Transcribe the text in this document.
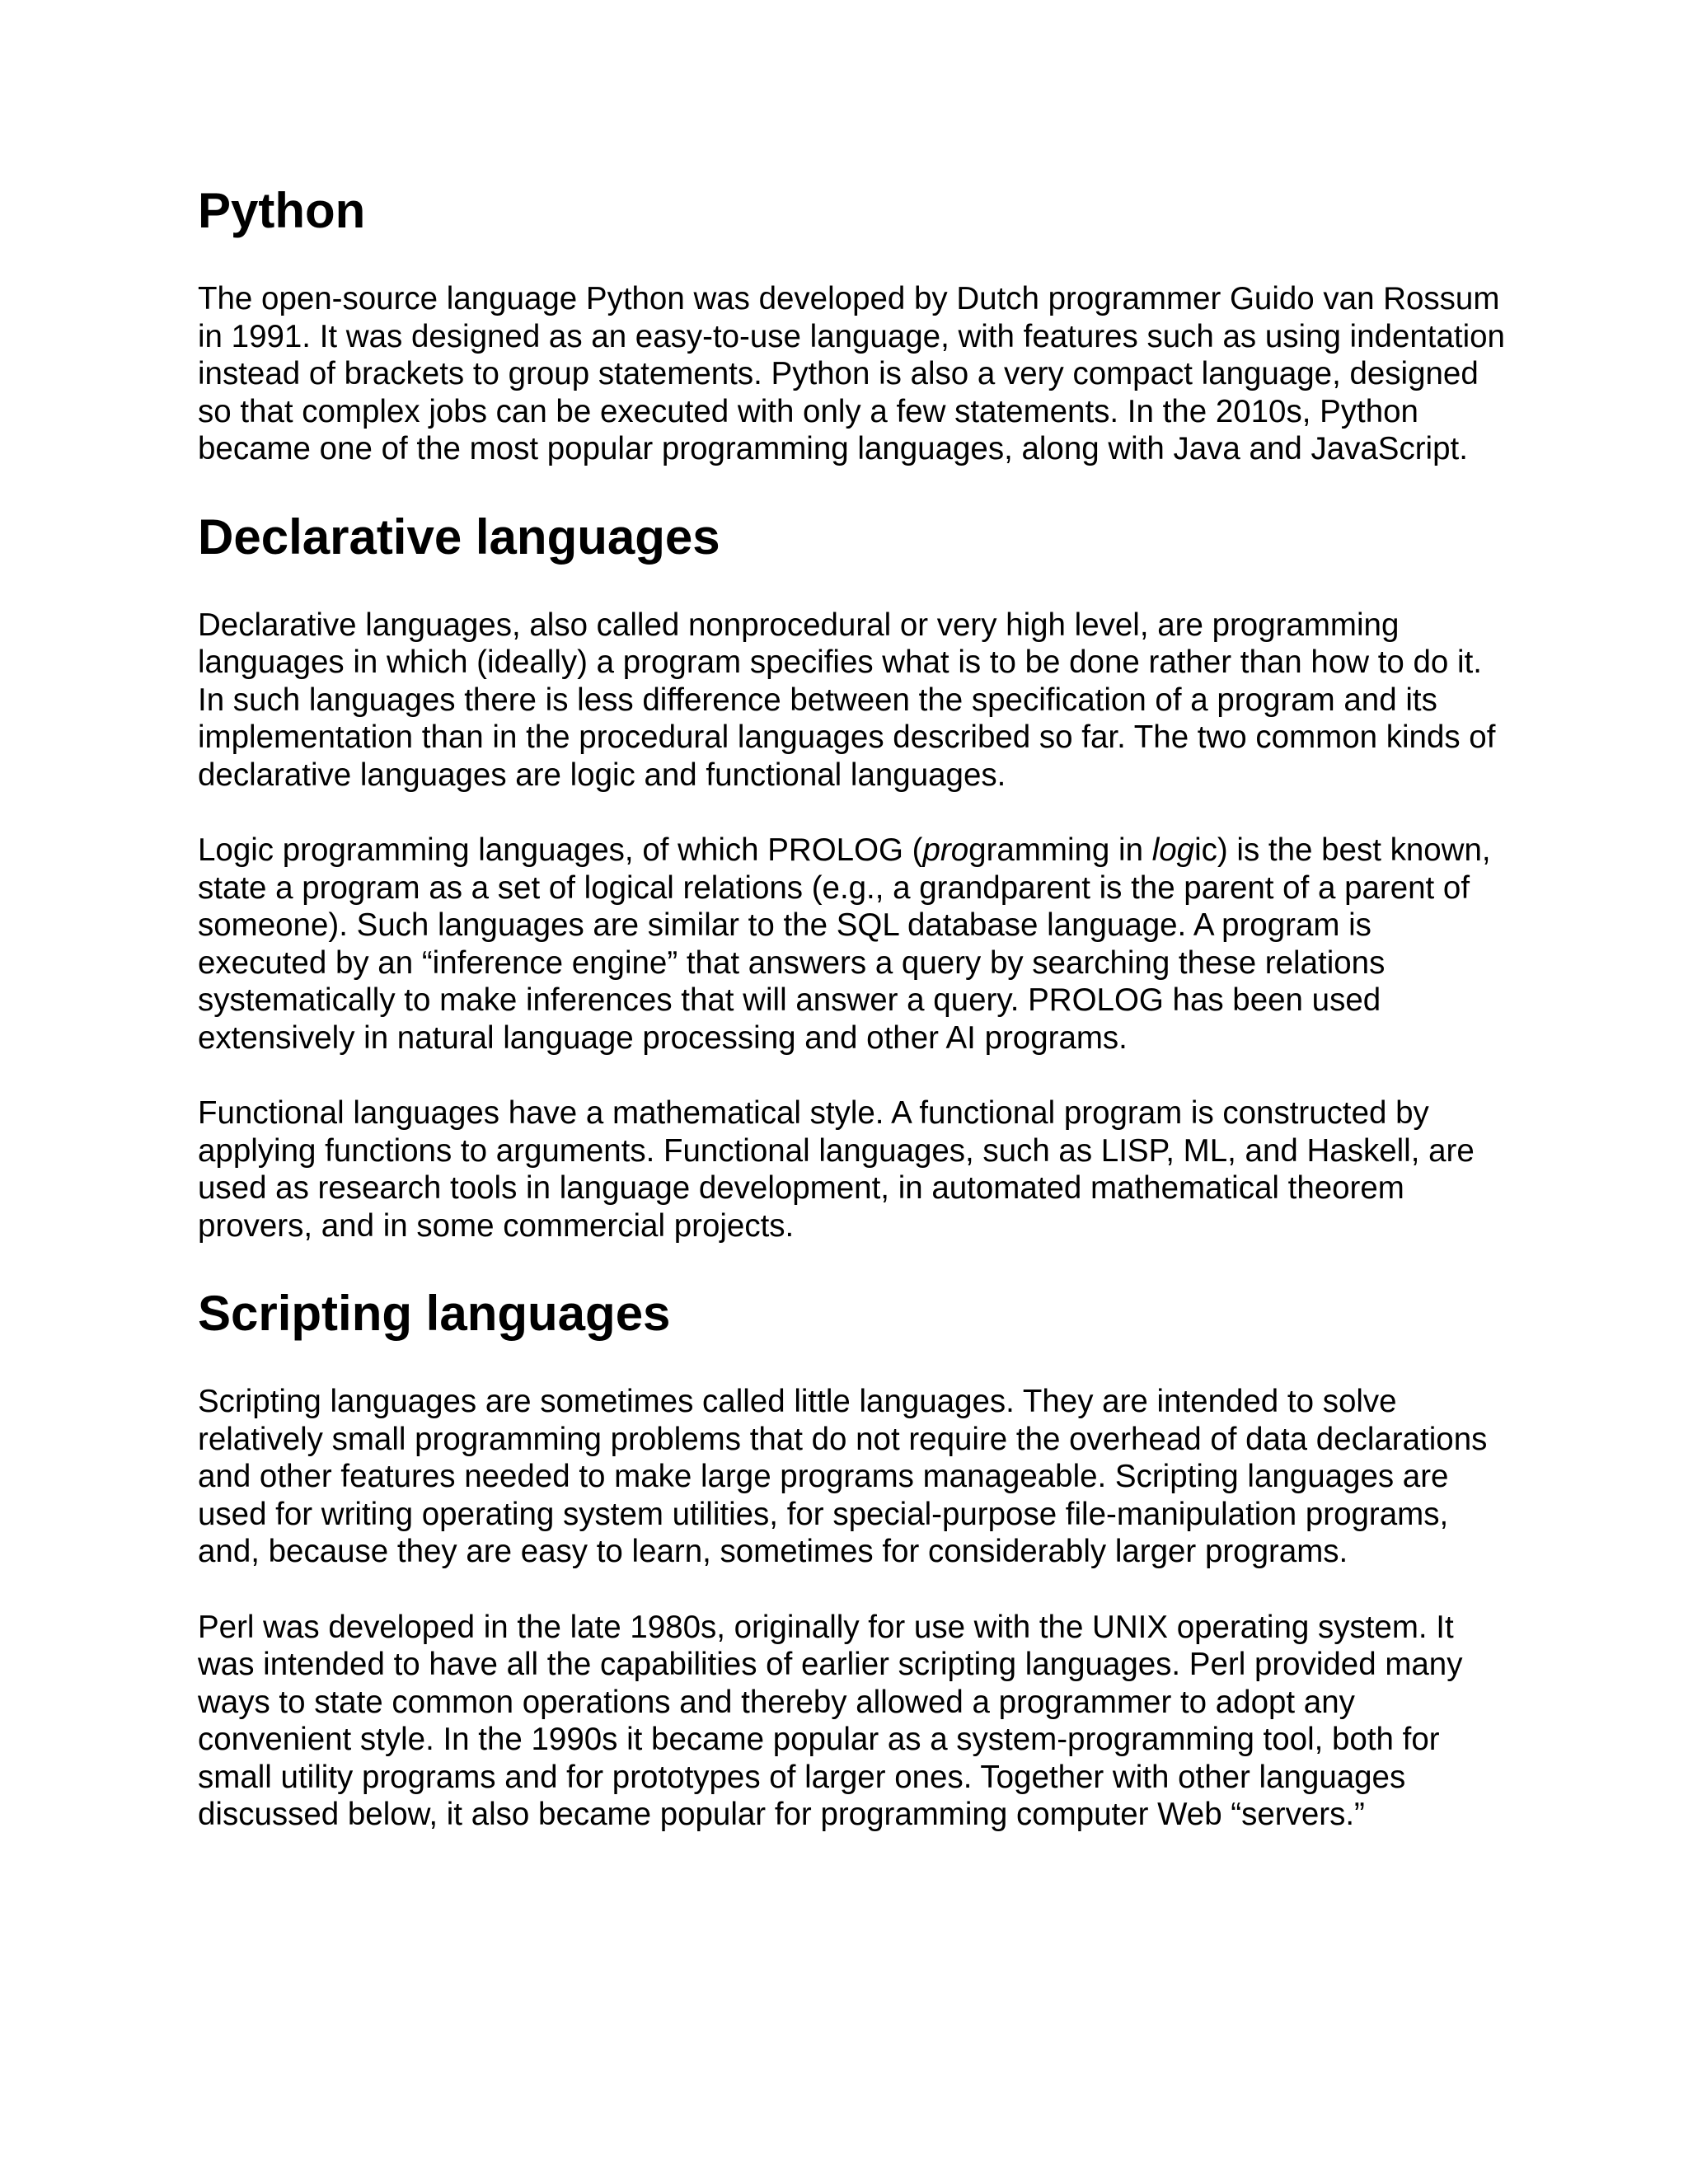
Python

The open-source language Python was developed by Dutch programmer Guido van Rossum in 1991. It was designed as an easy-to-use language, with features such as using indentation instead of brackets to group statements. Python is also a very compact language, designed so that complex jobs can be executed with only a few statements. In the 2010s, Python became one of the most popular programming languages, along with Java and JavaScript.

Declarative languages

Declarative languages, also called nonprocedural or very high level, are programming languages in which (ideally) a program specifies what is to be done rather than how to do it. In such languages there is less difference between the specification of a program and its implementation than in the procedural languages described so far. The two common kinds of declarative languages are logic and functional languages.

Logic programming languages, of which PROLOG (programming in logic) is the best known, state a program as a set of logical relations (e.g., a grandparent is the parent of a parent of someone). Such languages are similar to the SQL database language. A program is executed by an “inference engine” that answers a query by searching these relations systematically to make inferences that will answer a query. PROLOG has been used extensively in natural language processing and other AI programs.

Functional languages have a mathematical style. A functional program is constructed by applying functions to arguments. Functional languages, such as LISP, ML, and Haskell, are used as research tools in language development, in automated mathematical theorem provers, and in some commercial projects.

Scripting languages

Scripting languages are sometimes called little languages. They are intended to solve relatively small programming problems that do not require the overhead of data declarations and other features needed to make large programs manageable. Scripting languages are used for writing operating system utilities, for special-purpose file-manipulation programs, and, because they are easy to learn, sometimes for considerably larger programs.

Perl was developed in the late 1980s, originally for use with the UNIX operating system. It was intended to have all the capabilities of earlier scripting languages. Perl provided many ways to state common operations and thereby allowed a programmer to adopt any convenient style. In the 1990s it became popular as a system-programming tool, both for small utility programs and for prototypes of larger ones. Together with other languages discussed below, it also became popular for programming computer Web “servers.”
